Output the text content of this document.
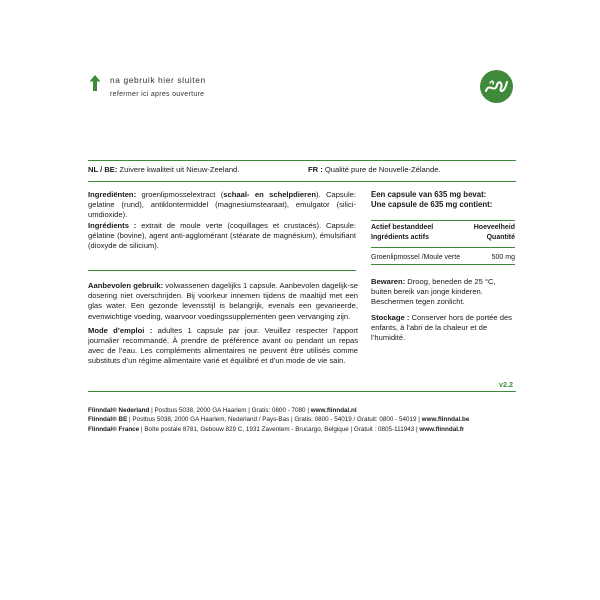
na gebruik hier sluiten
refermer ici apres ouverture
NL / BE: Zuivere kwaliteit uit Nieuw-Zeeland.	FR : Qualité pure de Nouvelle-Zélande.
Ingrediënten: groenlipmosselextract (schaal- en schelpdieren). Capsule: gelatine (rund), antiklontermiddel (magnesiumstearaat), emulgator (silici-umdioxide).
Ingrédients : extrait de moule verte (coquillages et crustacés). Capsule: gélatine (bovine), agent anti-agglomérant (stéarate de magnésium), émulsifiant (dioxyde de silicium).
Een capsule van 635 mg bevat:
Une capsule de 635 mg contient:
Actief bestanddeel	Hoeveelheid
Ingrédients actifs	Quantité
Groenlipmossel /Moule verte	500 mg
Aanbevolen gebruik: volwassenen dagelijks 1 capsule. Aanbevolen dagelijk-se dosering niet overschrijden. Bij voorkeur innemen tijdens de maaltijd met een glas water. Een gezonde levensstijl is belangrijk, evenals een gevarieerde, evenwichtige voeding, waarvoor voedingssupplementen geen vervanging zijn.
Mode d’emploi : adultes 1 capsule par jour. Veuillez respecter l’apport journalier recommandé. À prendre de préférence avant ou pendant un repas avec de l’eau. Les compléments alimentaires ne peuvent être utilisés comme substituts d’un régime alimentaire varié et équilibré et d’un mode de vie sain.
Bewaren: Droog, beneden de 25 °C, buiten bereik van jonge kinderen. Beschermen tegen zonlicht.
Stockage : Conserver hors de portée des enfants, à l’abri de la chaleur et de l’humidité.
v2.2
Flinndal® Nederland | Postbus 5038, 2000 GA Haarlem | Gratis: 0800 - 7080 | www.flinndal.nl
Flinndal® BE | Postbus 5038, 2000 GA Haarlem, Nederland / Pays-Bas | Gratis: 0800 - 54019 / Gratuit: 0800 - 54019 | www.flinndal.be
Flinndal® France | Boîte postale 8781, Gebouw 829 C, 1931 Zaventem - Brucargo, Belgique | Gratuit : 0805-111943 | www.flinndal.fr
